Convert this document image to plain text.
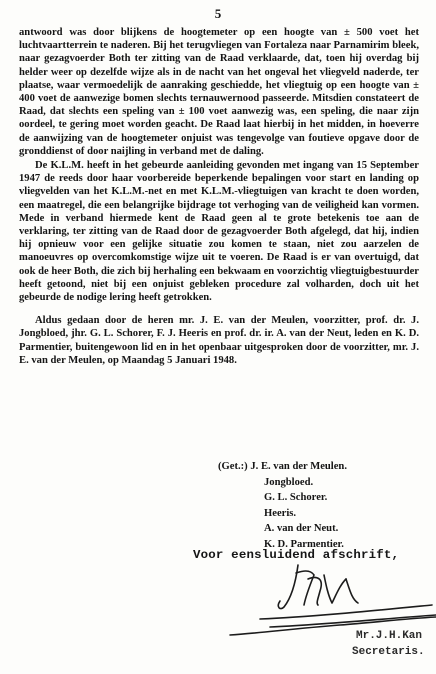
5

antwoord was door blijkens de hoogtemeter op een hoogte van ± 500 voet het luchtvaartterrein te naderen. Bij het terugvliegen van Fortaleza naar Parnamirim bleek, naar gezagvoerder Both ter zitting van de Raad verklaarde, dat, toen hij overdag bij helder weer op dezelfde wijze als in de nacht van het ongeval het vliegveld naderde, ter plaatse, waar vermoedelijk de aanraking geschiedde, het vliegtuig op een hoogte van ± 400 voet de aanwezige bomen slechts ternauwernood passeerde. Mitsdien constateert de Raad, dat slechts een speling van ± 100 voet aanwezig was, een speling, die naar zijn oordeel, te gering moet worden geacht. De Raad laat hierbij in het midden, in hoeverre de aanwijzing van de hoogtemeter onjuist was tengevolge van foutieve opgave door de gronddienst of door naijling in verband met de daling.

De K.L.M. heeft in het gebeurde aanleiding gevonden met ingang van 15 September 1947 de reeds door haar voorbereide beperkende bepalingen voor start en landing op vliegvelden van het K.L.M.-net en met K.L.M.-vliegtuigen van kracht te doen worden, een maatregel, die een belangrijke bijdrage tot verhoging van de veiligheid kan vormen. Mede in verband hiermede kent de Raad geen al te grote betekenis toe aan de verklaring, ter zitting van de Raad door de gezagvoerder Both afgelegd, dat hij, indien hij opnieuw voor een gelijke situatie zou komen te staan, niet zou aarzelen de manoeuvres op overcomkomstige wijze uit te voeren. De Raad is er van overtuigd, dat ook de heer Both, die zich bij herhaling een bekwaam en voorzichtig vliegtuigbestuurder heeft getoond, niet bij een onjuist gebleken procedure zal volharden, doch uit het gebeurde de nodige lering heeft getrokken.

Aldus gedaan door de heren mr. J. E. van der Meulen, voorzitter, prof. dr. J. Jongbloed, jhr. G. L. Schorer, F. J. Heeris en prof. dr. ir. A. van der Neut, leden en K. D. Parmentier, buitengewoon lid en in het openbaar uitgesproken door de voorzitter, mr. J. E. van der Meulen, op Maandag 5 Januari 1948.

(Get.:) J. E. van der Meulen.
Jongbloed.
G. L. Schorer.
Heeris.
A. van der Neut.
K. D. Parmentier.
Voor eensluidend afschrift,
Mr.J.H.Kan
Secretaris.
